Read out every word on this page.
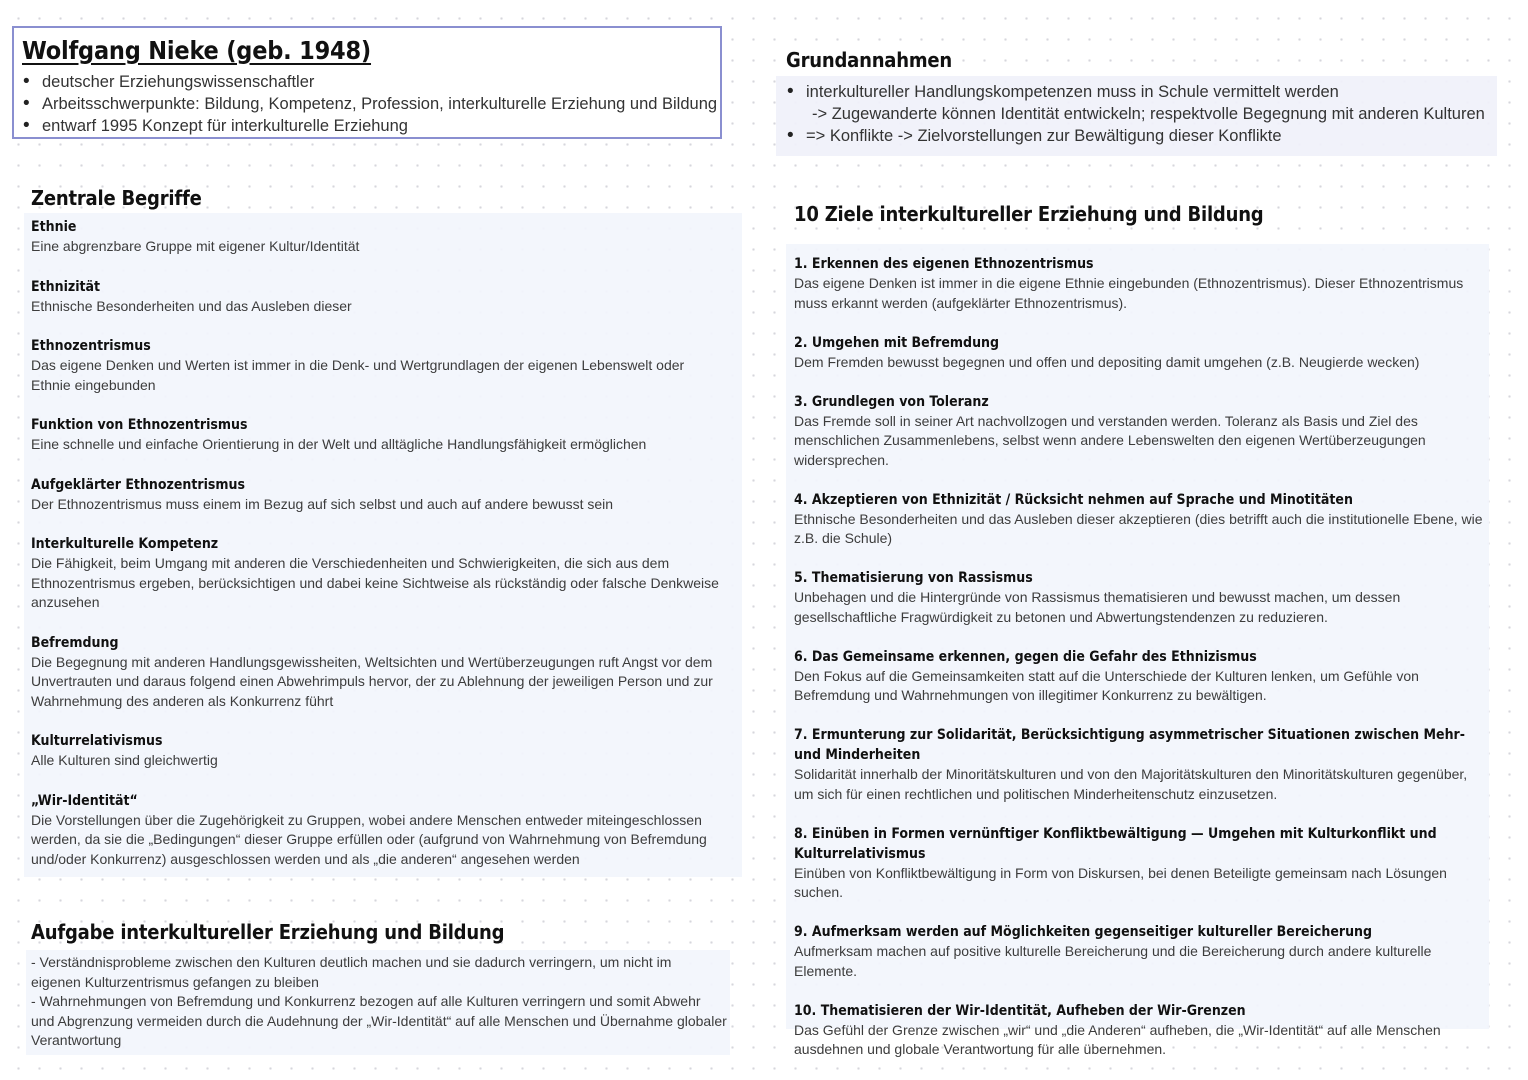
Wolfgang Nieke (geb. 1948)
• deutscher Erziehungswissenschaftler
• Arbeitsschwerpunkte: Bildung, Kompetenz, Profession, interkulturelle Erziehung und Bildung
• entwarf 1995 Konzept für interkulturelle Erziehung
Grundannahmen
• interkultureller Handlungskompetenzen muss in Schule vermittelt werden
-> Zugewanderte können Identität entwickeln; respektvolle Begegnung mit anderen Kulturen
• => Konflikte -> Zielvorstellungen zur Bewältigung dieser Konflikte
Zentrale Begriffe
Ethnie
Eine abgrenzbare Gruppe mit eigener Kultur/Identität
Ethnizität
Ethnische Besonderheiten und das Ausleben dieser
Ethnozentrismus
Das eigene Denken und Werten ist immer in die Denk- und Wertgrundlagen der eigenen Lebenswelt oder Ethnie eingebunden
Funktion von Ethnozentrismus
Eine schnelle und einfache Orientierung in der Welt und alltägliche Handlungsfähigkeit ermöglichen
Aufgeklärter Ethnozentrismus
Der Ethnozentrismus muss einem im Bezug auf sich selbst und auch auf andere bewusst sein
Interkulturelle Kompetenz
Die Fähigkeit, beim Umgang mit anderen die Verschiedenheiten und Schwierigkeiten, die sich aus dem Ethnozentrismus ergeben, berücksichtigen und dabei keine Sichtweise als rückständig oder falsche Denkweise anzusehen
Befremdung
Die Begegnung mit anderen Handlungsgewissheiten, Weltsichten und Wertüberzeugungen ruft Angst vor dem Unvertrauten und daraus folgend einen Abwehrimpuls hervor, der zu Ablehnung der jeweiligen Person und zur Wahrnehmung des anderen als Konkurrenz führt
Kulturrelativismus
Alle Kulturen sind gleichwertig
„Wir-Identität“
Die Vorstellungen über die Zugehörigkeit zu Gruppen, wobei andere Menschen entweder miteingeschlossen werden, da sie die „Bedingungen“ dieser Gruppe erfüllen oder (aufgrund von Wahrnehmung von Befremdung und/oder Konkurrenz) ausgeschlossen werden und als „die anderen“ angesehen werden
Aufgabe interkultureller Erziehung und Bildung
- Verständnisprobleme zwischen den Kulturen deutlich machen und sie dadurch verringern, um nicht im eigenen Kulturzentrismus gefangen zu bleiben
- Wahrnehmungen von Befremdung und Konkurrenz bezogen auf alle Kulturen verringern und somit Abwehr und Abgrenzung vermeiden durch die Audehnung der „Wir-Identität“ auf alle Menschen und Übernahme globaler Verantwortung
10 Ziele interkultureller Erziehung und Bildung
1. Erkennen des eigenen Ethnozentrismus
Das eigene Denken ist immer in die eigene Ethnie eingebunden (Ethnozentrismus). Dieser Ethnozentrismus muss erkannt werden (aufgeklärter Ethnozentrismus).
2. Umgehen mit Befremdung
Dem Fremden bewusst begegnen und offen und depositing damit umgehen (z.B. Neugierde wecken)
3. Grundlegen von Toleranz
Das Fremde soll in seiner Art nachvollzogen und verstanden werden. Toleranz als Basis und Ziel des menschlichen Zusammenlebens, selbst wenn andere Lebenswelten den eigenen Wertüberzeugungen widersprechen.
4. Akzeptieren von Ethnizität / Rücksicht nehmen auf Sprache und Minotitäten
Ethnische Besonderheiten und das Ausleben dieser akzeptieren (dies betrifft auch die institutionelle Ebene, wie z.B. die Schule)
5. Thematisierung von Rassismus
Unbehagen und die Hintergründe von Rassismus thematisieren und bewusst machen, um dessen gesellschaftliche Fragwürdigkeit zu betonen und Abwertungstendenzen zu reduzieren.
6. Das Gemeinsame erkennen, gegen die Gefahr des Ethnizismus
Den Fokus auf die Gemeinsamkeiten statt auf die Unterschiede der Kulturen lenken, um Gefühle von Befremdung und Wahrnehmungen von illegitimer Konkurrenz zu bewältigen.
7. Ermunterung zur Solidarität, Berücksichtigung asymmetrischer Situationen zwischen Mehr- und Minderheiten
Solidarität innerhalb der Minoritätskulturen und von den Majoritätskulturen den Minoritätskulturen gegenüber, um sich für einen rechtlichen und politischen Minderheitenschutz einzusetzen.
8. Einüben in Formen vernünftiger Konfliktbewältigung — Umgehen mit Kulturkonflikt und Kulturrelativismus
Einüben von Konfliktbewältigung in Form von Diskursen, bei denen Beteiligte gemeinsam nach Lösungen suchen.
9. Aufmerksam werden auf Möglichkeiten gegenseitiger kultureller Bereicherung
Aufmerksam machen auf positive kulturelle Bereicherung und die Bereicherung durch andere kulturelle Elemente.
10. Thematisieren der Wir-Identität, Aufheben der Wir-Grenzen
Das Gefühl der Grenze zwischen „wir“ und „die Anderen“ aufheben, die „Wir-Identität“ auf alle Menschen ausdehnen und globale Verantwortung für alle übernehmen.
